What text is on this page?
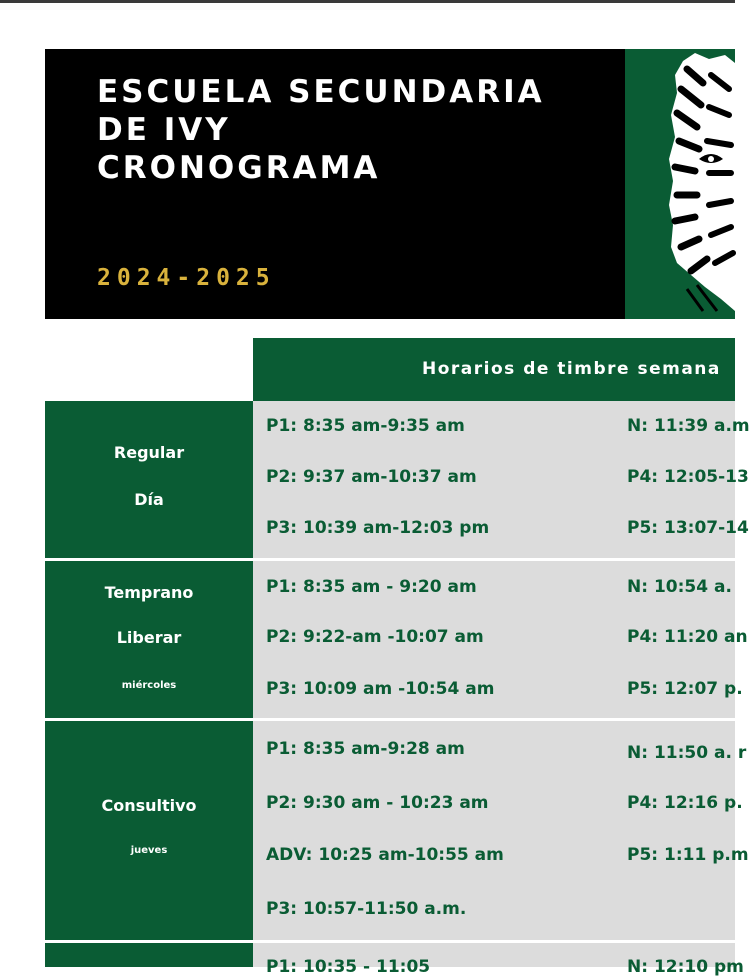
ESCUELA SECUNDARIA
DE IVY
CRONOGRAMA
2024-2025
Horarios de timbre semana
Regular
Día
P1: 8:35 am-9:35 am
P2: 9:37 am-10:37 am
P3: 10:39 am-12:03 pm
N: 11:39 a.m
P4: 12:05-13
P5: 13:07-14
Temprano
Liberar
miércoles
P1: 8:35 am - 9:20 am
P2: 9:22-am -10:07 am
P3: 10:09 am -10:54 am
N: 10:54 a.
P4: 11:20 an
P5: 12:07 p.
Consultivo
jueves
P1: 8:35 am-9:28 am
P2: 9:30 am - 10:23 am
ADV: 10:25 am-10:55 am
P3: 10:57-11:50 a.m.
N: 11:50 a. r
P4: 12:16 p.
P5: 1:11 p.m
P1: 10:35 - 11:05	N: 12:10 pm
